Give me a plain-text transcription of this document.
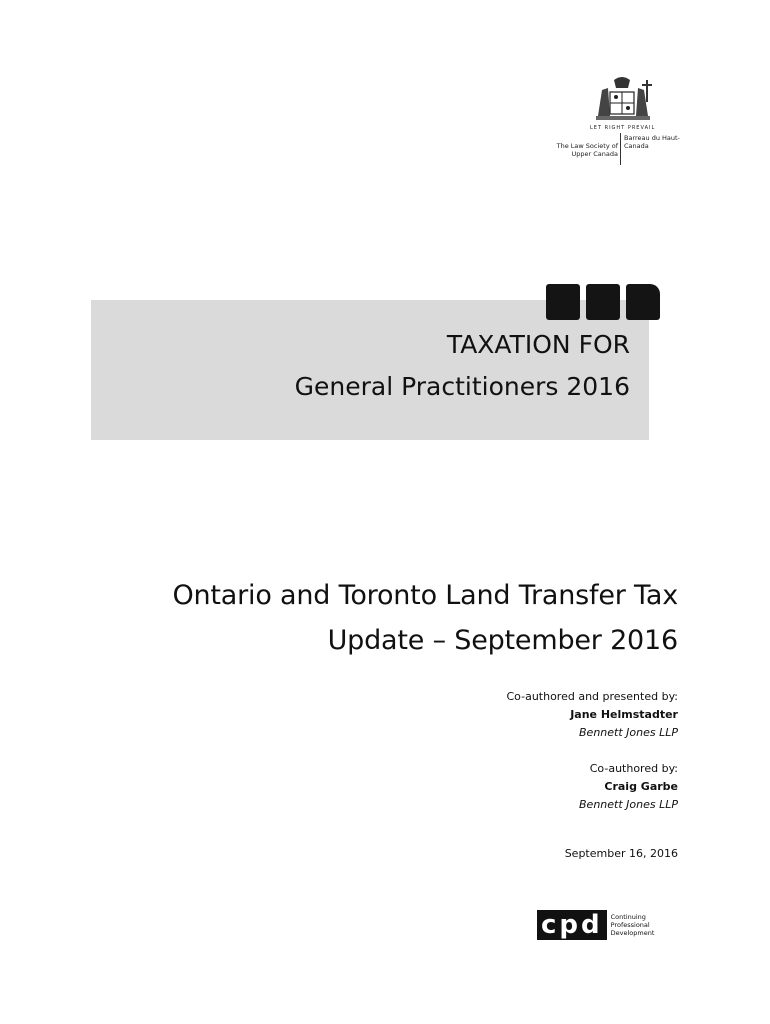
LET RIGHT PREVAIL
Barreau du Haut-Canada
The Law Society of Upper Canada
TAXATION FOR
General Practitioners 2016
Ontario and Toronto Land Transfer Tax
Update – September 2016
Co-authored and presented by:
Jane Helmstadter
Bennett Jones LLP
Co-authored by:
Craig Garbe
Bennett Jones LLP
September 16, 2016
cpd	Continuing
Professional
Development
